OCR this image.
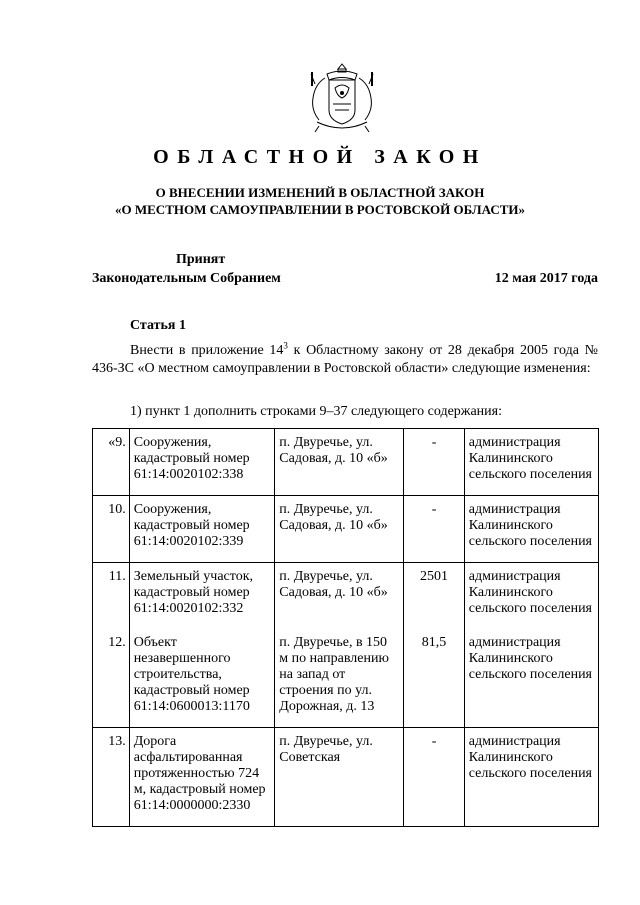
ОБЛАСТНОЙ ЗАКОН
О ВНЕСЕНИИ ИЗМЕНЕНИЙ В ОБЛАСТНОЙ ЗАКОН
«О МЕСТНОМ САМОУПРАВЛЕНИИ В РОСТОВСКОЙ ОБЛАСТИ»
Принят
Законодательным Собранием	12 мая 2017 года
Статья 1
Внести в приложение $14^3$ к Областному закону от 28 декабря 2005 года № 436-ЗС «О местном самоуправлении в Ростовской области» следующие изменения:
1) пункт 1 дополнить строками 9–37 следующего содержания:
«9.	Сооружения, кадастровый номер 61:14:0020102:338	п. Двуречье, ул. Садовая, д. 10 «б»	-	администрация Калининского сельского поселения
10.	Сооружения, кадастровый номер 61:14:0020102:339	п. Двуречье, ул. Садовая, д. 10 «б»	-	администрация Калининского сельского поселения
11.	Земельный участок, кадастровый номер 61:14:0020102:332	п. Двуречье, ул. Садовая, д. 10 «б»	2501	администрация Калининского сельского поселения
12.	Объект незавершенного строительства, кадастровый номер 61:14:0600013:1170	п. Двуречье, в 150 м по направлению на запад от строения по ул. Дорожная, д. 13	81,5	администрация Калининского сельского поселения
13.	Дорога асфальтированная протяженностью 724 м, кадастровый номер 61:14:0000000:2330	п. Двуречье, ул. Советская	-	администрация Калининского сельского поселения
